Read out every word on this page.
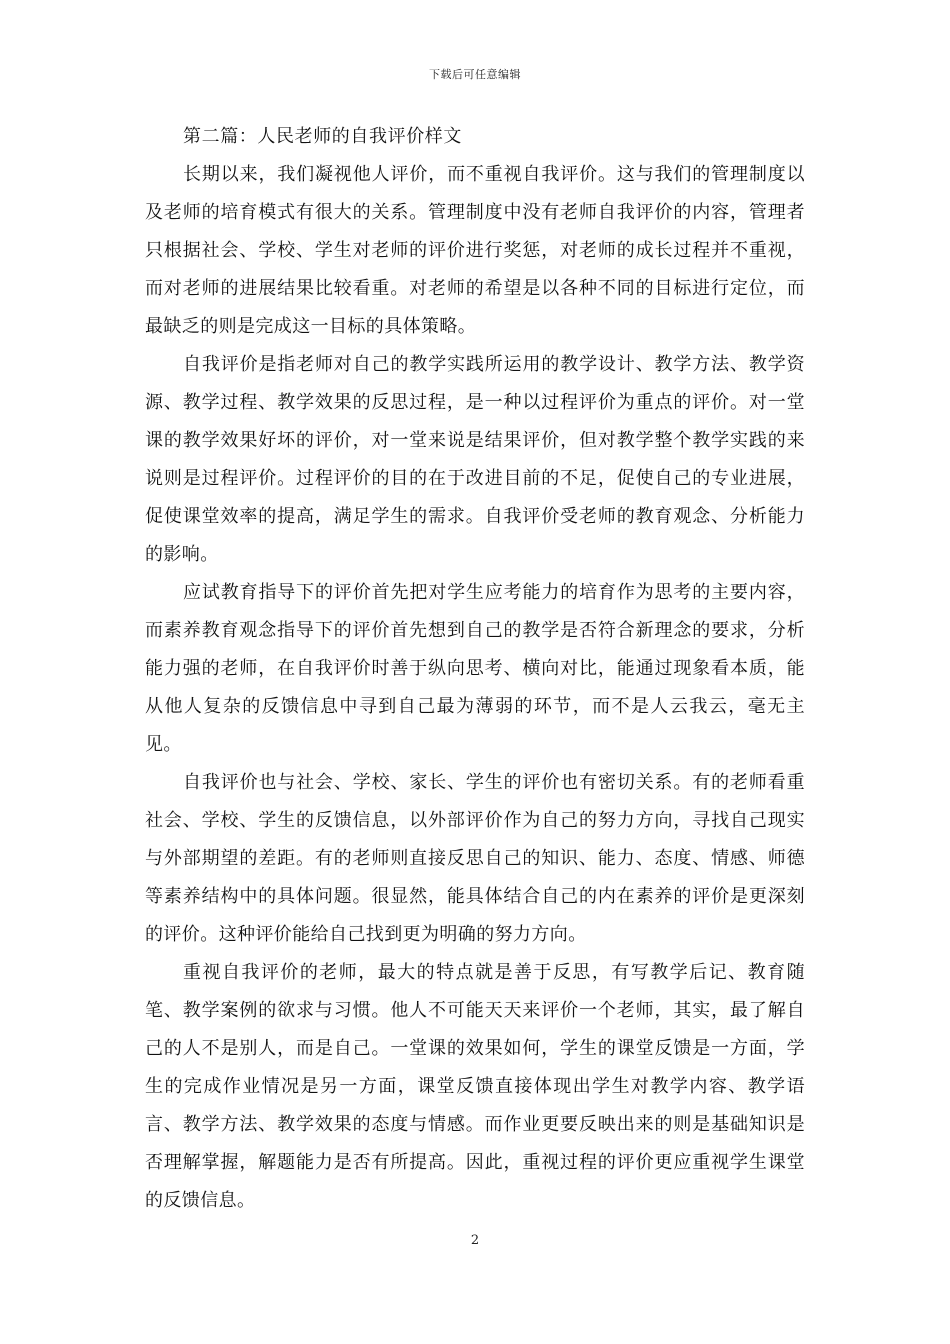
下载后可任意编辑

第二篇：人民老师的自我评价样文

长期以来，我们凝视他人评价，而不重视自我评价。这与我们的管理制度以及老师的培育模式有很大的关系。管理制度中没有老师自我评价的内容，管理者只根据社会、学校、学生对老师的评价进行奖惩，对老师的成长过程并不重视，而对老师的进展结果比较看重。对老师的希望是以各种不同的目标进行定位，而最缺乏的则是完成这一目标的具体策略。

自我评价是指老师对自己的教学实践所运用的教学设计、教学方法、教学资源、教学过程、教学效果的反思过程，是一种以过程评价为重点的评价。对一堂课的教学效果好坏的评价，对一堂来说是结果评价，但对教学整个教学实践的来说则是过程评价。过程评价的目的在于改进目前的不足，促使自己的专业进展，促使课堂效率的提高，满足学生的需求。自我评价受老师的教育观念、分析能力的影响。

应试教育指导下的评价首先把对学生应考能力的培育作为思考的主要内容，而素养教育观念指导下的评价首先想到自己的教学是否符合新理念的要求，分析能力强的老师，在自我评价时善于纵向思考、横向对比，能通过现象看本质，能从他人复杂的反馈信息中寻到自己最为薄弱的环节，而不是人云我云，毫无主见。

自我评价也与社会、学校、家长、学生的评价也有密切关系。有的老师看重社会、学校、学生的反馈信息，以外部评价作为自己的努力方向，寻找自己现实与外部期望的差距。有的老师则直接反思自己的知识、能力、态度、情感、师德等素养结构中的具体问题。很显然，能具体结合自己的内在素养的评价是更深刻的评价。这种评价能给自己找到更为明确的努力方向。

重视自我评价的老师，最大的特点就是善于反思，有写教学后记、教育随笔、教学案例的欲求与习惯。他人不可能天天来评价一个老师，其实，最了解自己的人不是别人，而是自己。一堂课的效果如何，学生的课堂反馈是一方面，学生的完成作业情况是另一方面，课堂反馈直接体现出学生对教学内容、教学语言、教学方法、教学效果的态度与情感。而作业更要反映出来的则是基础知识是否理解掌握，解题能力是否有所提高。因此，重视过程的评价更应重视学生课堂的反馈信息。

2
